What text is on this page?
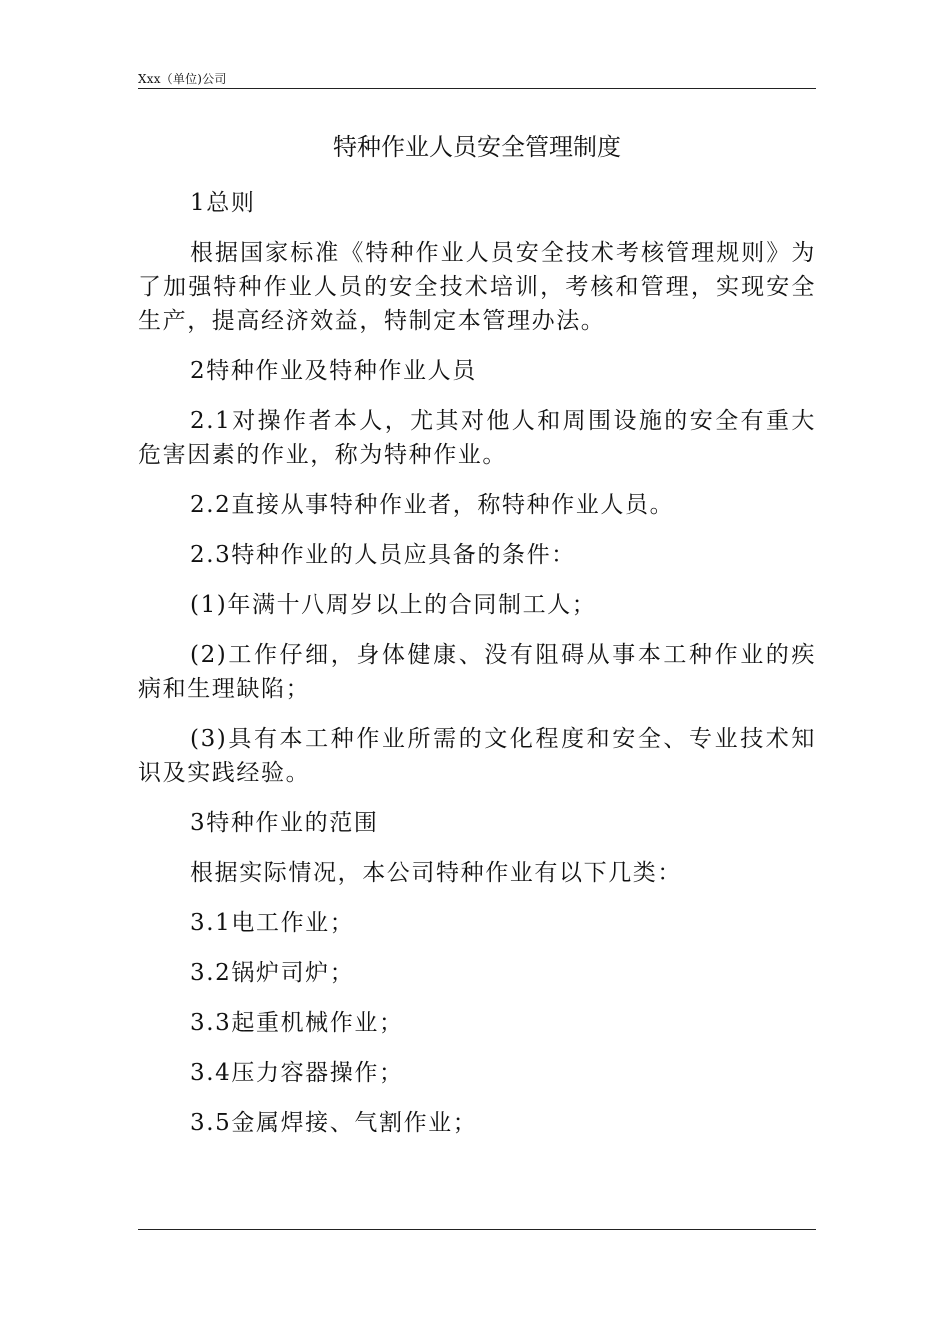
Xxx（单位)公司
特种作业人员安全管理制度

1总则

根据国家标准《特种作业人员安全技术考核管理规则》为了加强特种作业人员的安全技术培训，考核和管理，实现安全生产，提高经济效益，特制定本管理办法。

2特种作业及特种作业人员

2.1对操作者本人，尤其对他人和周围设施的安全有重大危害因素的作业，称为特种作业。

2.2直接从事特种作业者，称特种作业人员。

2.3特种作业的人员应具备的条件：

(1)年满十八周岁以上的合同制工人；

(2)工作仔细，身体健康、没有阻碍从事本工种作业的疾病和生理缺陷；

(3)具有本工种作业所需的文化程度和安全、专业技术知识及实践经验。

3特种作业的范围

根据实际情况，本公司特种作业有以下几类：

3.1电工作业；

3.2锅炉司炉；

3.3起重机械作业；

3.4压力容器操作；

3.5金属焊接、气割作业；
